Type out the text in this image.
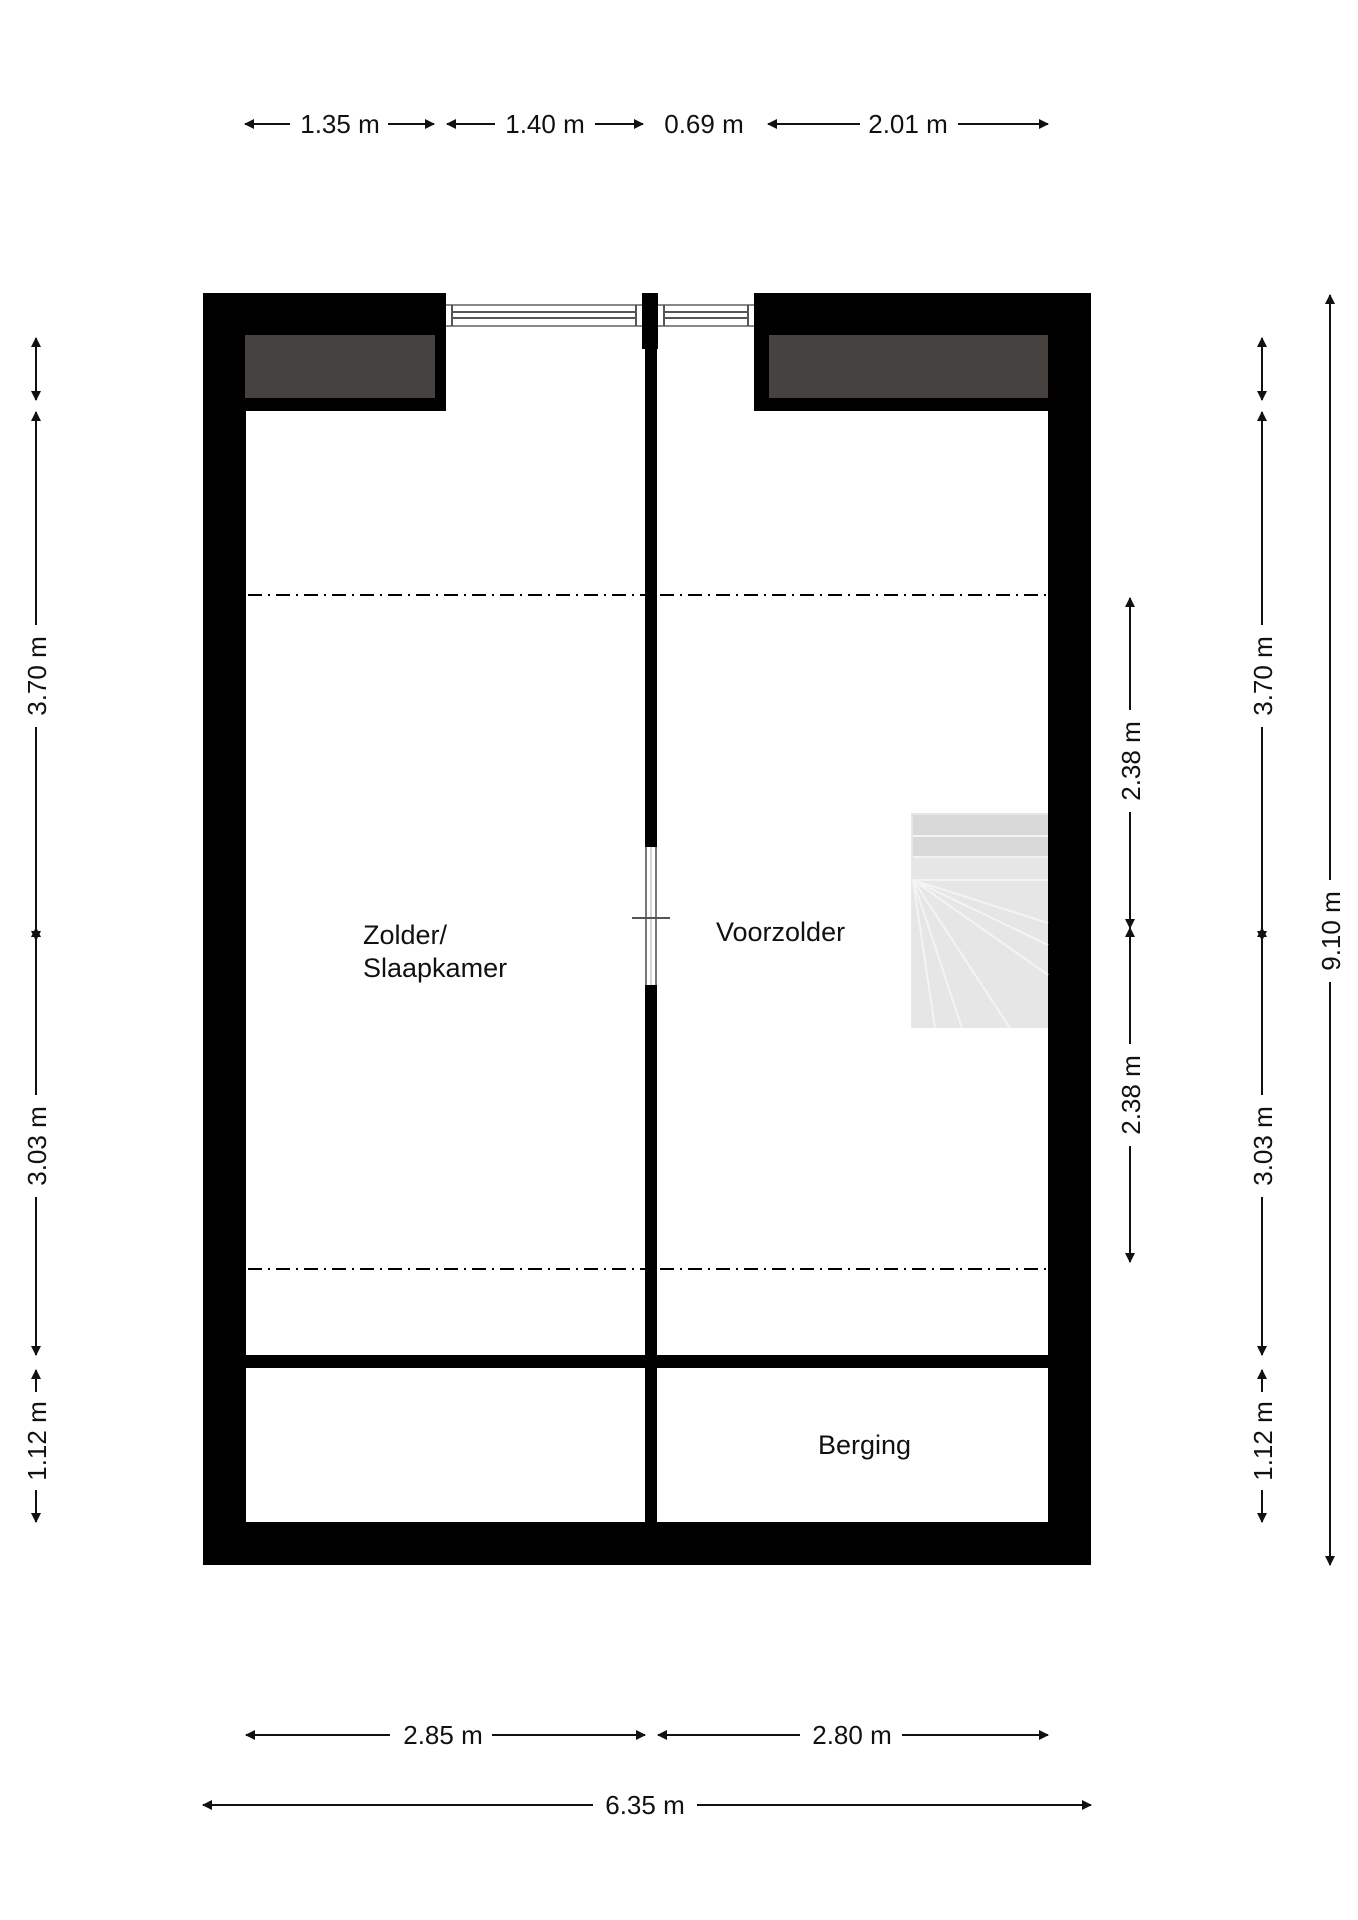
1.35 m	1.40 m	0.69 m	2.01 m
Zolder/
Slaapkamer
Voorzolder
Berging
3.70 m
3.03 m
1.12 m
2.38 m
2.38 m
3.70 m
3.03 m
1.12 m
9.10 m
2.85 m	2.80 m
6.35 m
